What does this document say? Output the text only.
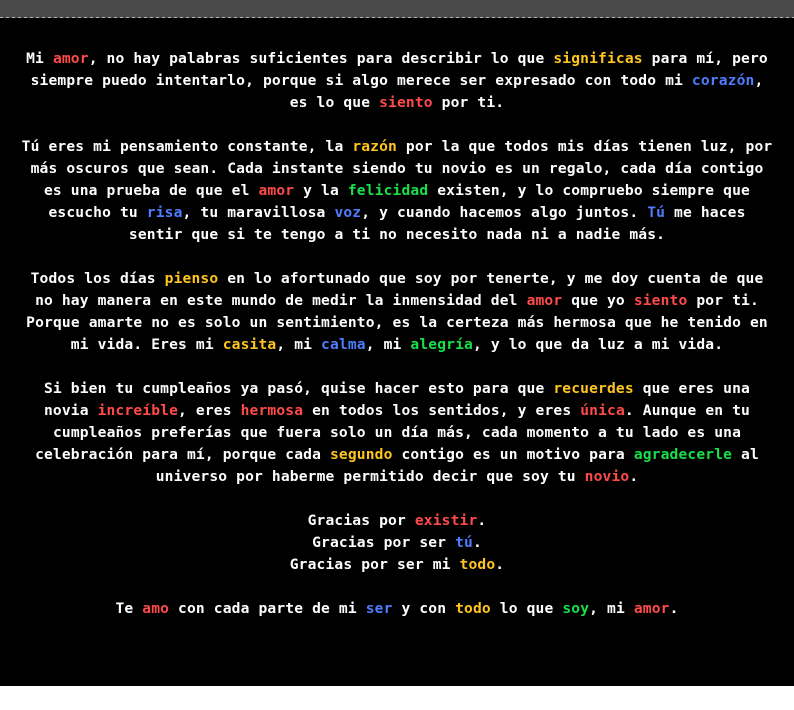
Mi amor, no hay palabras suficientes para describir lo que significas para mí, pero
siempre puedo intentarlo, porque si algo merece ser expresado con todo mi corazón,
es lo que siento por ti.
Tú eres mi pensamiento constante, la razón por la que todos mis días tienen luz, por
más oscuros que sean. Cada instante siendo tu novio es un regalo, cada día contigo
es una prueba de que el amor y la felicidad existen, y lo compruebo siempre que
escucho tu risa, tu maravillosa voz, y cuando hacemos algo juntos. Tú me haces
sentir que si te tengo a ti no necesito nada ni a nadie más.
Todos los días pienso en lo afortunado que soy por tenerte, y me doy cuenta de que
no hay manera en este mundo de medir la inmensidad del amor que yo siento por ti.
Porque amarte no es solo un sentimiento, es la certeza más hermosa que he tenido en
mi vida. Eres mi casita, mi calma, mi alegría, y lo que da luz a mi vida.
Si bien tu cumpleaños ya pasó, quise hacer esto para que recuerdes que eres una
novia increíble, eres hermosa en todos los sentidos, y eres única. Aunque en tu
cumpleaños preferías que fuera solo un día más, cada momento a tu lado es una
celebración para mí, porque cada segundo contigo es un motivo para agradecerle al
universo por haberme permitido decir que soy tu novio.
Gracias por existir.
Gracias por ser tú.
Gracias por ser mi todo.
Te amo con cada parte de mi ser y con todo lo que soy, mi amor.
